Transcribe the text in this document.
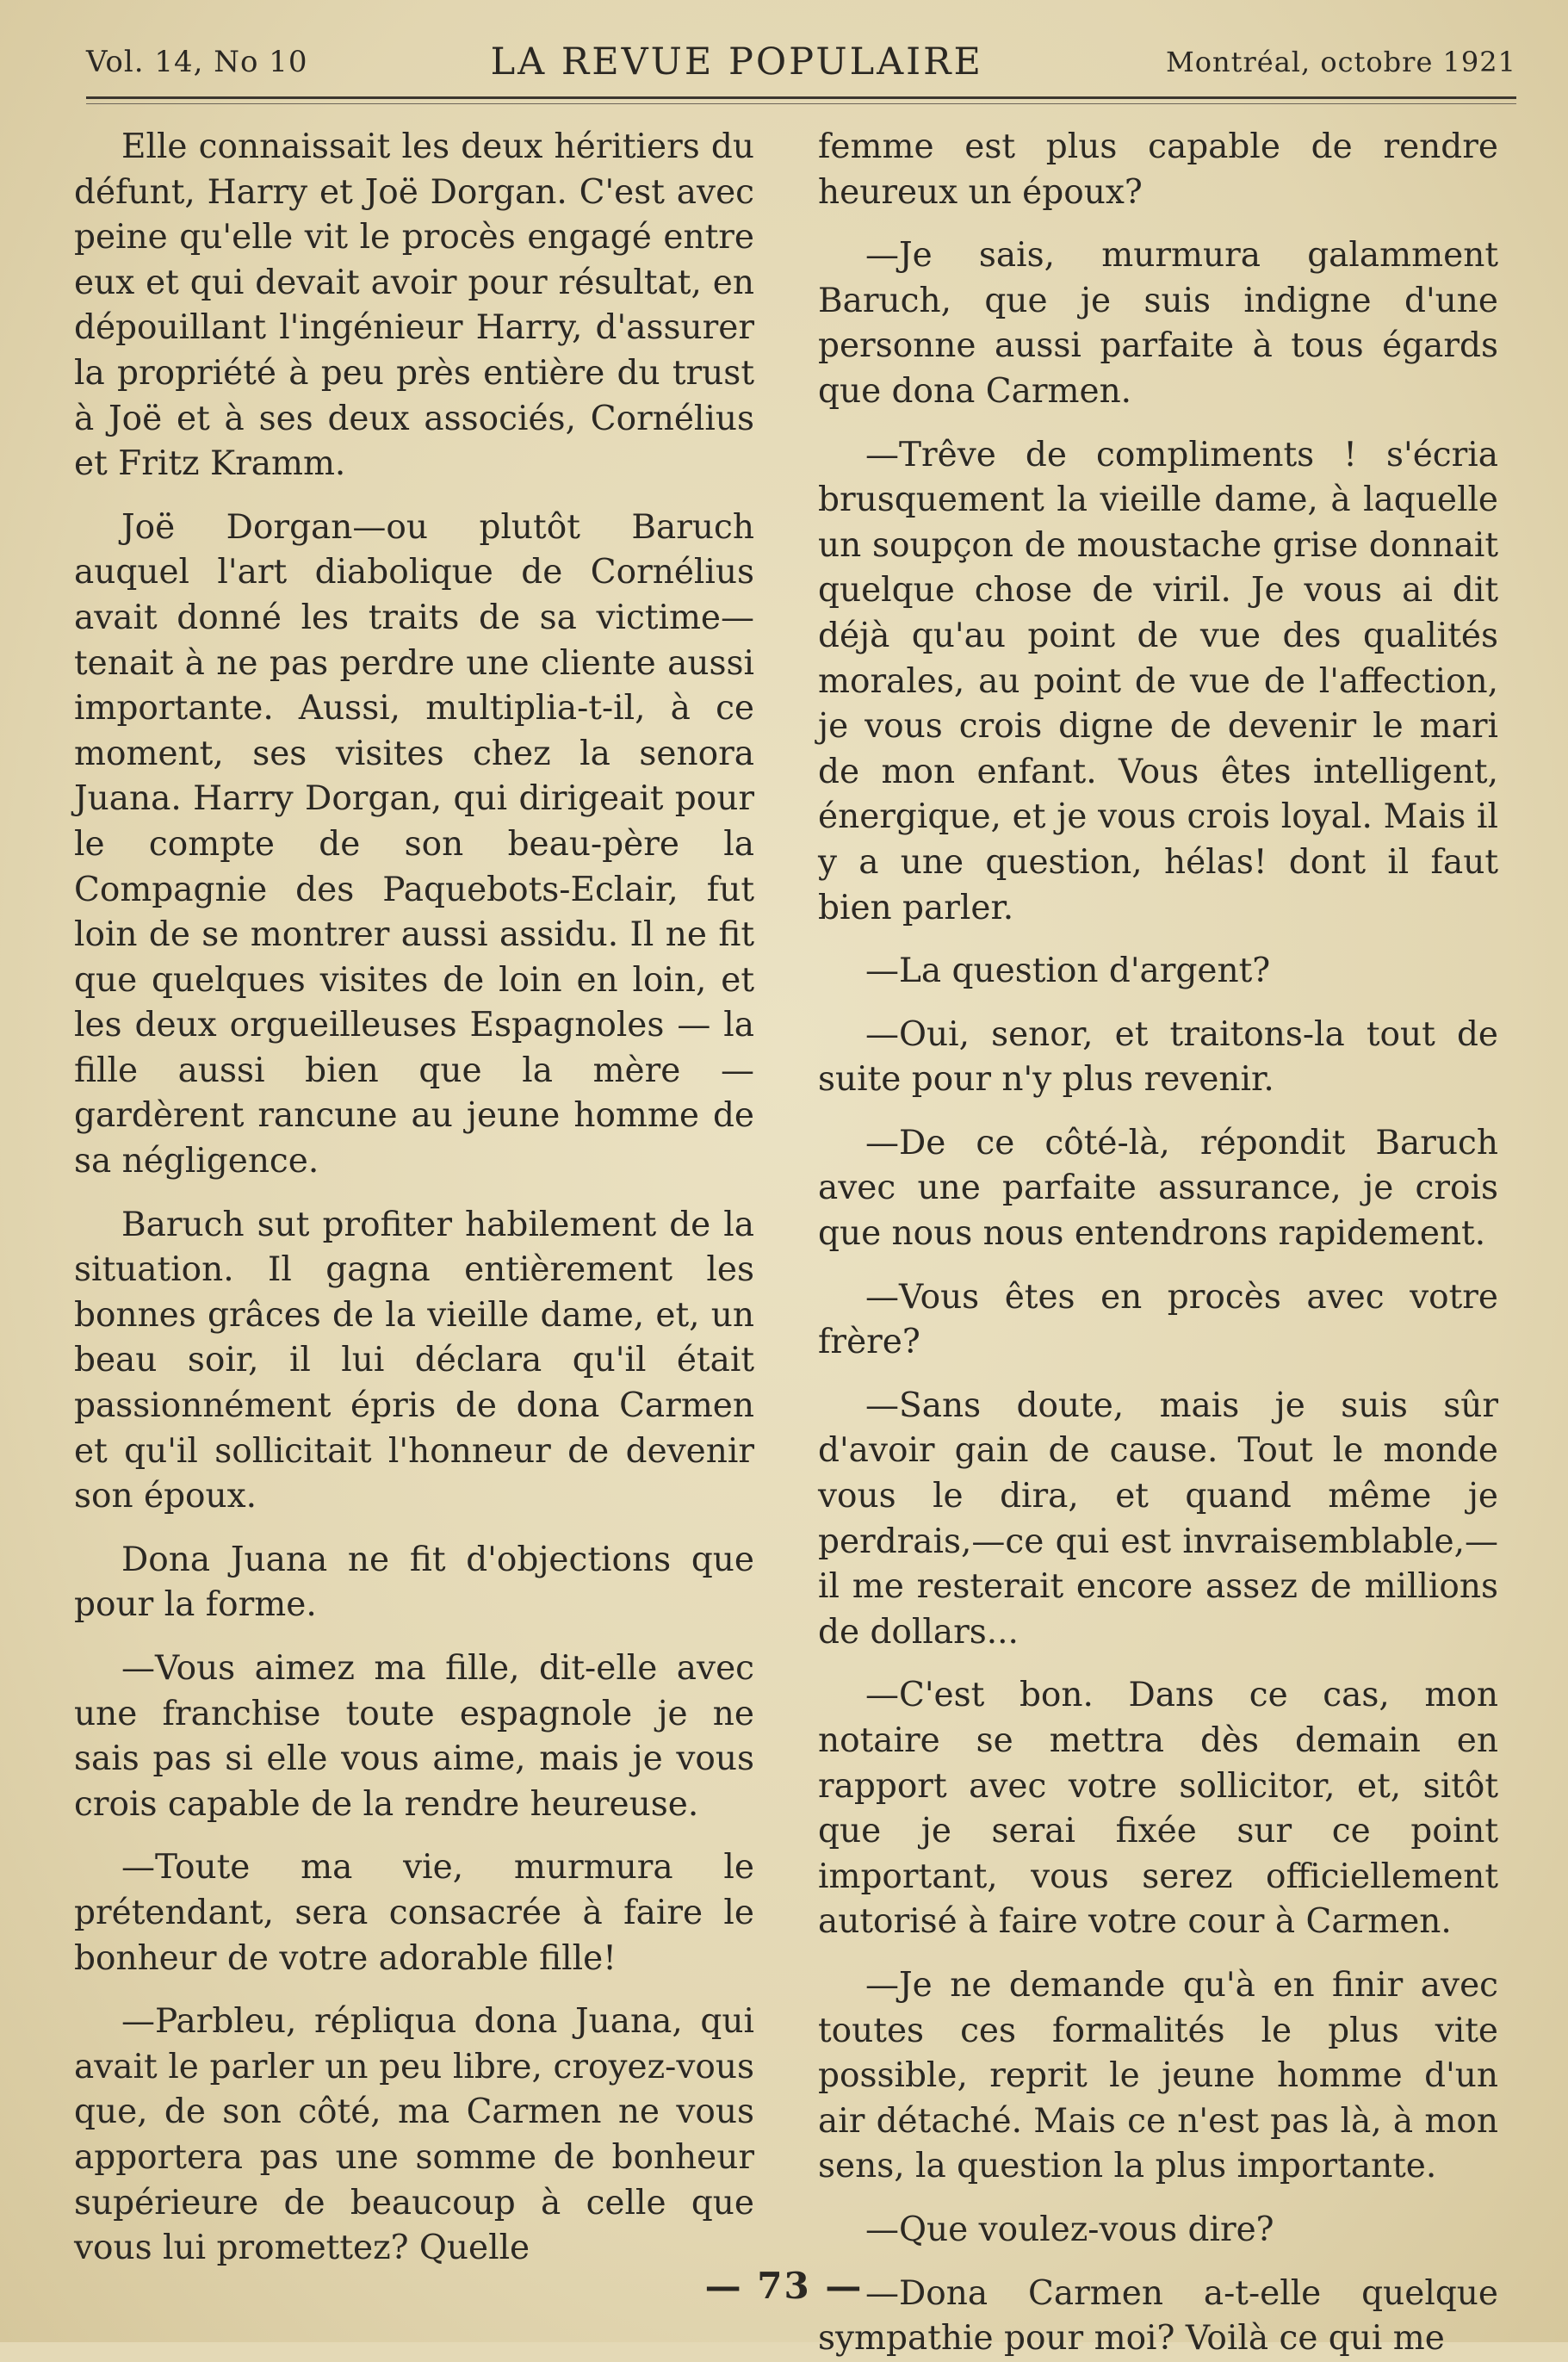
Vol. 14, No 10	LA REVUE POPULAIRE	Montréal, octobre 1921

Elle connaissait les deux héritiers du défunt, Harry et Joë Dorgan. C'est avec peine qu'elle vit le procès engagé entre eux et qui devait avoir pour résultat, en dépouillant l'ingénieur Harry, d'assurer la propriété à peu près entière du trust à Joë et à ses deux associés, Cornélius et Fritz Kramm.

Joë Dorgan—ou plutôt Baruch auquel l'art diabolique de Cornélius avait donné les traits de sa victime—tenait à ne pas perdre une cliente aussi importante. Aussi, multiplia-t-il, à ce moment, ses visites chez la senora Juana. Harry Dorgan, qui dirigeait pour le compte de son beau-père la Compagnie des Paquebots-Eclair, fut loin de se montrer aussi assidu. Il ne fit que quelques visites de loin en loin, et les deux orgueilleuses Espagnoles — la fille aussi bien que la mère — gardèrent rancune au jeune homme de sa négligence.

Baruch sut profiter habilement de la situation. Il gagna entièrement les bonnes grâces de la vieille dame, et, un beau soir, il lui déclara qu'il était passionnément épris de dona Carmen et qu'il sollicitait l'honneur de devenir son époux.

Dona Juana ne fit d'objections que pour la forme.

—Vous aimez ma fille, dit-elle avec une franchise toute espagnole je ne sais pas si elle vous aime, mais je vous crois capable de la rendre heureuse.

—Toute ma vie, murmura le prétendant, sera consacrée à faire le bonheur de votre adorable fille!

—Parbleu, répliqua dona Juana, qui avait le parler un peu libre, croyez-vous que, de son côté, ma Carmen ne vous apportera pas une somme de bonheur supérieure de beaucoup à celle que vous lui promettez? Quelle

femme est plus capable de rendre heureux un époux?

—Je sais, murmura galamment Baruch, que je suis indigne d'une personne aussi parfaite à tous égards que dona Carmen.

—Trêve de compliments ! s'écria brusquement la vieille dame, à laquelle un soupçon de moustache grise donnait quelque chose de viril. Je vous ai dit déjà qu'au point de vue des qualités morales, au point de vue de l'affection, je vous crois digne de devenir le mari de mon enfant. Vous êtes intelligent, énergique, et je vous crois loyal. Mais il y a une question, hélas! dont il faut bien parler.

—La question d'argent?

—Oui, senor, et traitons-la tout de suite pour n'y plus revenir.

—De ce côté-là, répondit Baruch avec une parfaite assurance, je crois que nous nous entendrons rapidement.

—Vous êtes en procès avec votre frère?

—Sans doute, mais je suis sûr d'avoir gain de cause. Tout le monde vous le dira, et quand même je perdrais,—ce qui est invraisemblable,—il me resterait encore assez de millions de dollars...

—C'est bon. Dans ce cas, mon notaire se mettra dès demain en rapport avec votre sollicitor, et, sitôt que je serai fixée sur ce point important, vous serez officiellement autorisé à faire votre cour à Carmen.

—Je ne demande qu'à en finir avec toutes ces formalités le plus vite possible, reprit le jeune homme d'un air détaché. Mais ce n'est pas là, à mon sens, la question la plus importante.

—Que voulez-vous dire?

—Dona Carmen a-t-elle quelque sympathie pour moi? Voilà ce qui me

— 73 —
